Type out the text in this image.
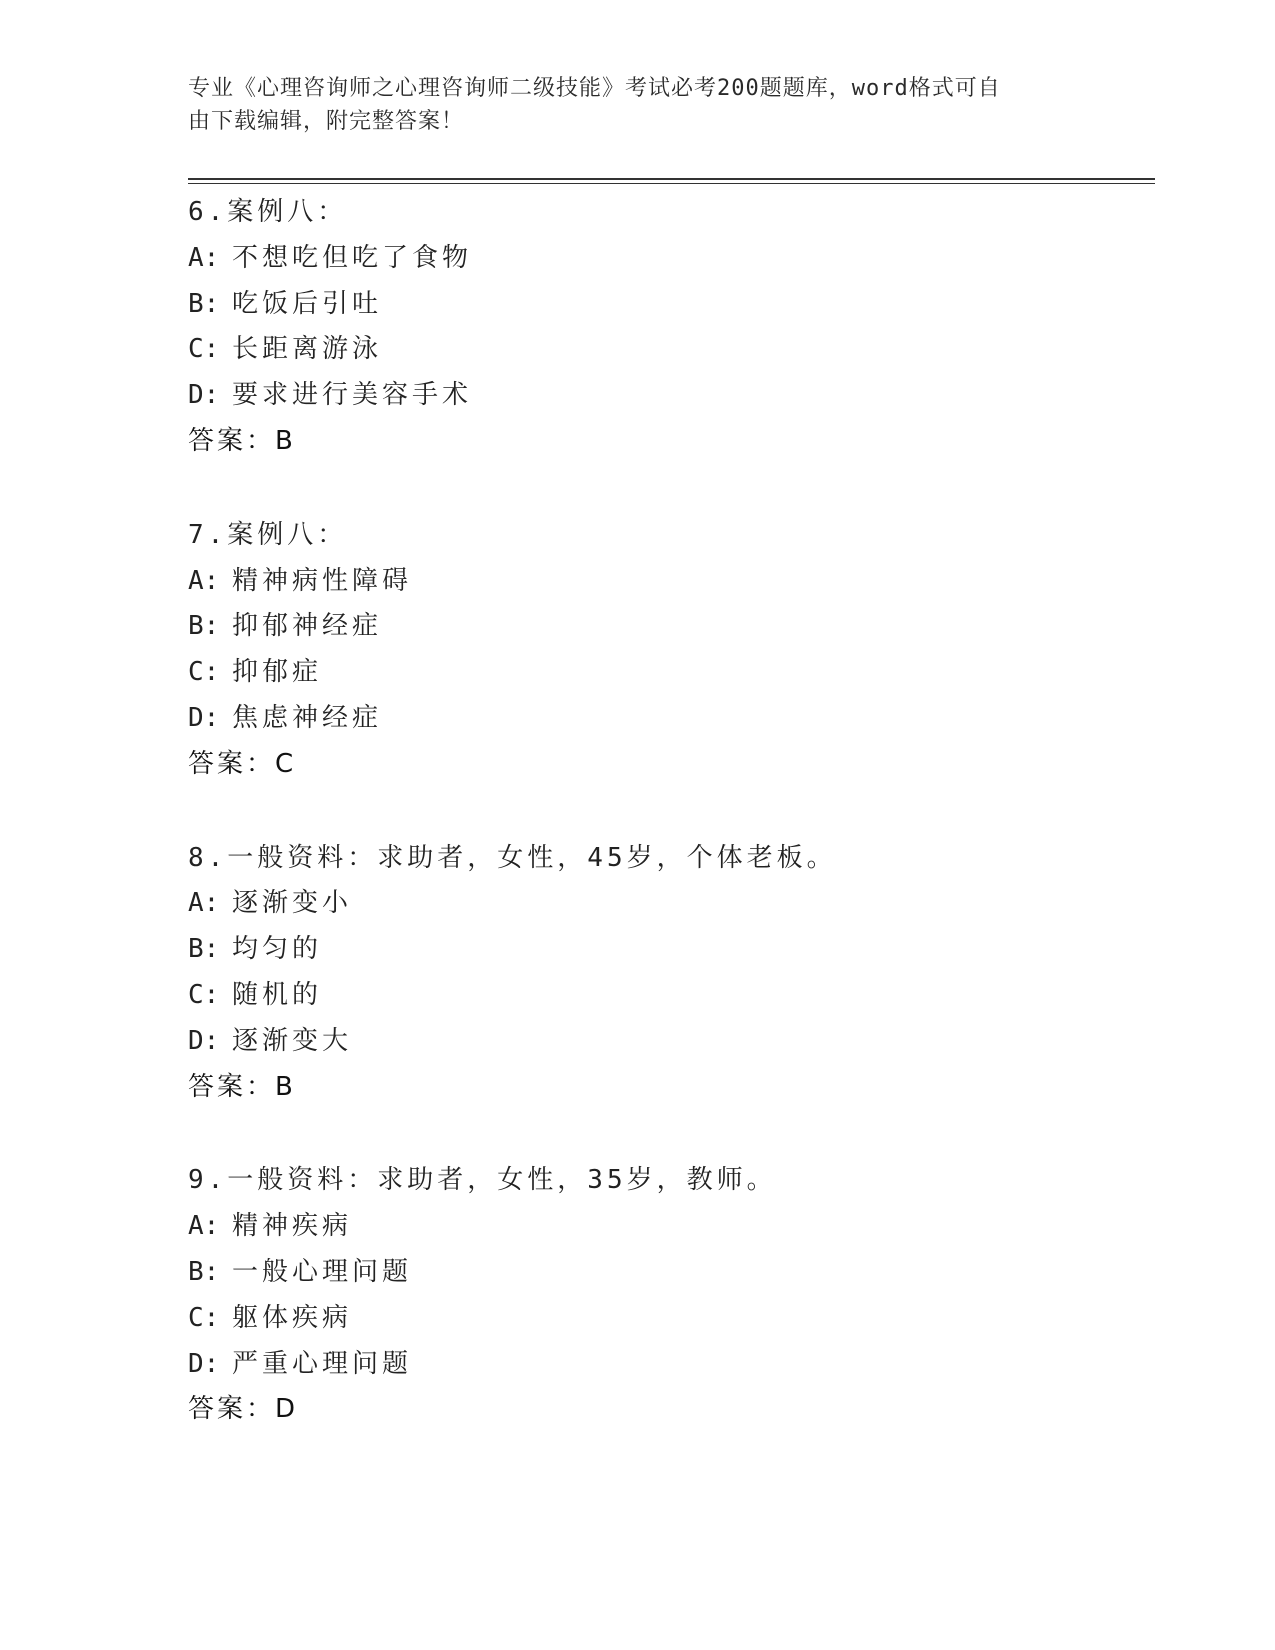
专业《心理咨询师之心理咨询师二级技能》考试必考200题题库，word格式可自
由下载编辑，附完整答案！
6.案例八：
A: 不想吃但吃了食物
B: 吃饭后引吐
C: 长距离游泳
D: 要求进行美容手术
答案：B
7.案例八：
A: 精神病性障碍
B: 抑郁神经症
C: 抑郁症
D: 焦虑神经症
答案：C
8.一般资料：求助者，女性，45岁，个体老板。
A: 逐渐变小
B: 均匀的
C: 随机的
D: 逐渐变大
答案：B
9.一般资料：求助者，女性，35岁，教师。
A: 精神疾病
B: 一般心理问题
C: 躯体疾病
D: 严重心理问题
答案：D
